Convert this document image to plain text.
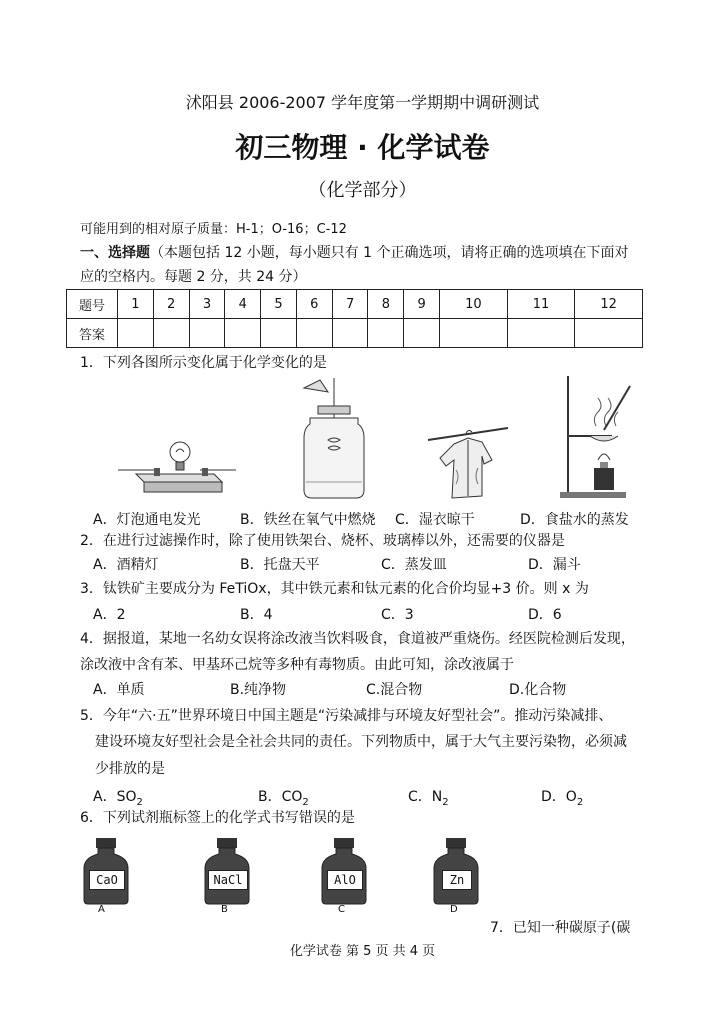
沭阳县 2006-2007 学年度第一学期期中调研测试
初三物理 · 化学试卷
（化学部分）
可能用到的相对原子质量：H-1；O-16；C-12
一、选择题（本题包括 12 小题，每小题只有 1 个正确选项，请将正确的选项填在下面对
应的空格内。每题 2 分，共 24 分）
题号	1	2	3	4	5	6	7	8	9	10	11	12
答案												
1．下列各图所示变化属于化学变化的是
A．灯泡通电发光	B．铁丝在氧气中燃烧 C．湿衣晾干	D．食盐水的蒸发
2．在进行过滤操作时，除了使用铁架台、烧杯、玻璃棒以外，还需要的仪器是
A．酒精灯	B．托盘天平	C．蒸发皿	D．漏斗
3．钛铁矿主要成分为 FeTiOx，其中铁元素和钛元素的化合价均显+3 价。则 x 为
A．2	B．4	C．3	D．6
4．据报道，某地一名幼女误将涂改液当饮料吸食，食道被严重烧伤。经医院检测后发现，
涂改液中含有苯、甲基环己烷等多种有毒物质。由此可知，涂改液属于
A．单质	B.纯净物	C.混合物	D.化合物
5．今年“六·五”世界环境日中国主题是“污染减排与环境友好型社会”。推动污染减排、
建设环境友好型社会是全社会共同的责任。下列物质中，属于大气主要污染物，必须减
少排放的是
A．$SO_2$	B．$CO_2$	C．$N_2$	D．$O_2$
6．下列试剂瓶标签上的化学式书写错误的是
CaO
A
NaCl
B
AlO
C
Zn
D
7．已知一种碳原子(碳
化学试卷 第 5 页 共 4 页
